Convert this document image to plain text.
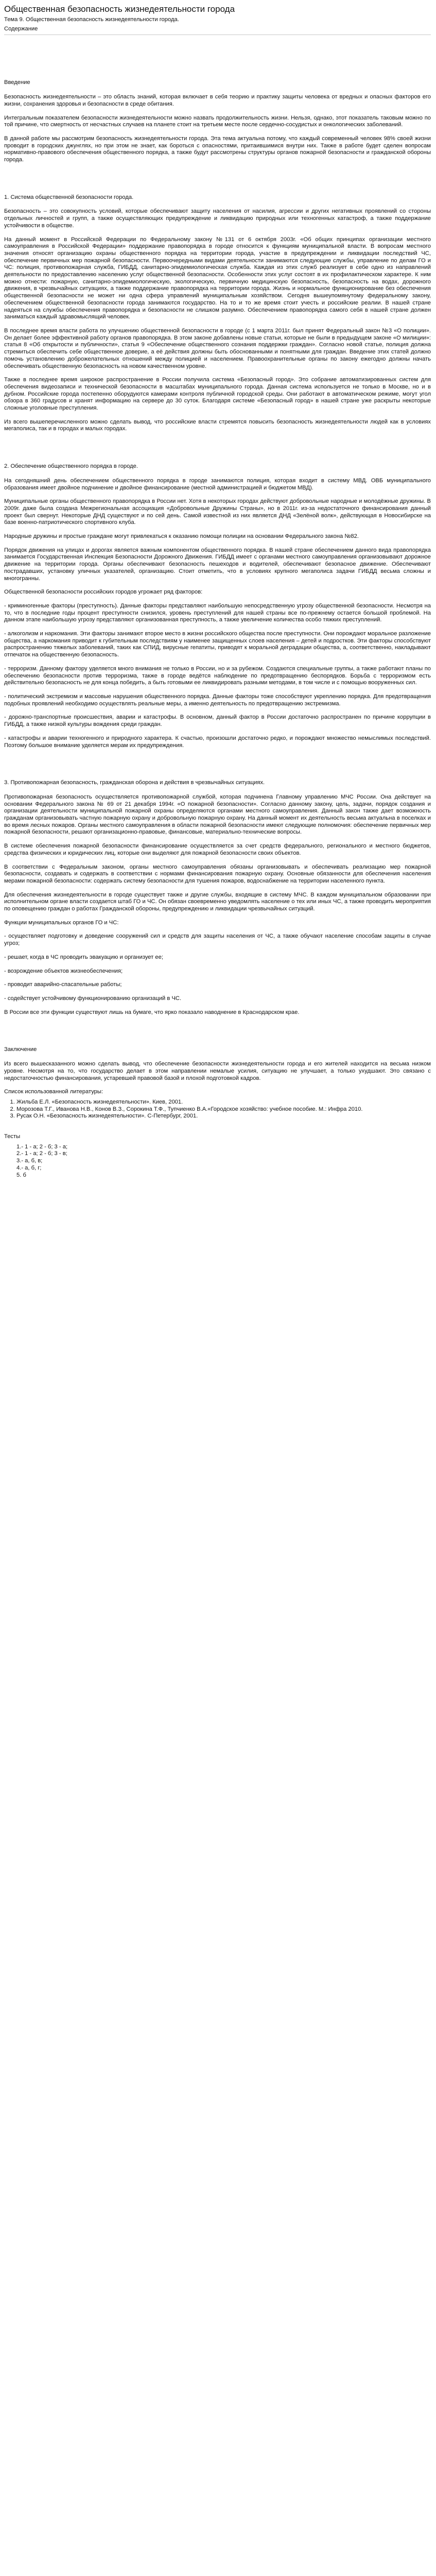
Общественная безопасность жизнедеятельности города
Тема 9. Общественная безопасность жизнедеятельности города.
Содержание
Введение
Безопасность жизнедеятельности – это область знаний, которая включает в себя теорию и практику защиты человека от вредных и опасных факторов его жизни, сохранения здоровья и безопасности в среде обитания.
Интегральным показателем безопасности жизнедеятельности можно назвать продолжительность жизни. Нельзя, однако, этот показатель таковым можно по той причине, что смертность от несчастных случаев на планете стоит на третьем месте после сердечно-сосудистых и онкологических заболеваний.
В данной работе мы рассмотрим безопасность жизнедеятельности города. Эта тема актуальна потому, что каждый современный человек 98% своей жизни проводит в городских джунглях, но при этом не знает, как бороться с опасностями, притаившимися внутри них. Также в работе будет сделен вопросам нормативно-правового обеспечения общественного порядка, а также будут рассмотрены структуры органов пожарной безопасности и гражданской обороны города.
1. Система общественной безопасности города.
Безопасность – это совокупность условий, которые обеспечивают защиту населения от насилия, агрессии и других негативных проявлений со стороны отдельных личностей и групп, а также осуществляющих предупреждение и ликвидацию природных или техногенных катастроф, а также поддержание устойчивости в обществе.
На данный момент в Российской Федерации по Федеральному закону №131 от 6 октября 2003г. «Об общих принципах организации местного самоуправления в Российской Федерации» поддержание правопорядка в городе относится к функциям муниципальной власти. В вопросам местного значения относят организацию охраны общественного порядка на территории города, участие в предупреждении и ликвидации последствий ЧС, обеспечение первичных мер пожарной безопасности. Первоочередными видами деятельности занимаются следующие службы, управление по делам ГО и ЧС: полиция, противопожарная служба, ГИБДД, санитарно-эпидемиологическая служба. Каждая из этих служб реализует в себе одно из направлений деятельности по предоставлению населению услуг общественной безопасности. Особенности этих услуг состоят в их профилактическом характере. К ним можно отнести: пожарную, санитарно-эпидемиологическую, экологическую, первичную медицинскую безопасность, безопасность на водах, дорожного движения, в чрезвычайных ситуациях, а также поддержание правопорядка на территории города. Жизнь и нормальное функционирование без обеспечения общественной безопасности не может ни одна сфера управлений муниципальным хозяйством. Сегодня вышеупомянутому федеральному закону, обеспечением общественной безопасности города занимаются государство. На то и то же время стоит учесть и российские реалии. В нашей стране надеяться на службы обеспечения правопорядка и безопасности не слишком разумно. Обеспечением правопорядка самого себя в нашей стране должен заниматься каждый здравомыслящий человек.
В последнее время власти работа по улучшению общественной безопасности в городе (с 1 марта 2011г. был принят Федеральный закон №3 «О полиции». Он делает более эффективной работу органов правопорядка. В этом законе добавлены новые статьи, которые не были в предыдущем законе «О милиции»: статья 8 «Об открытости и публичности», статья 9 «Обеспечение общественного сознания поддержки граждан». Согласно новой статье, полиция должна стремиться обеспечить себе общественное доверие, а её действия должны быть обоснованными и понятными для граждан. Введение этих статей должно помочь установлению доброжелательных отношений между полицией и населением. Правоохранительные органы по закону ежегодно должны начать обеспечивать общественную безопасность на новом качественном уровне.
Также в последнее время широкое распространение в России получила система «Безопасный город». Это собрание автоматизированных систем для обеспечения видеозаписи и технической безопасности в масштабах муниципального города. Данная система используется не только в Москве, но и в дубном. Российские города постепенно оборудуются камерами контроля публичной городской среды. Они работают в автоматическом режиме, могут угол обзора в 360 градусов и хранят информацию на сервере до 30 суток. Благодаря системе «Безопасный город» в нашей стране уже раскрыты некоторые сложные уголовные преступления.
Из всего вышеперечисленного можно сделать вывод, что российские власти стремятся повысить безопасность жизнедеятельности людей как в условиях мегаполиса, так и в городах и малых городах.
2. Обеспечение общественного порядка в городе.
На сегодняшний день обеспечением общественного порядка в городе занимаются полиция, которая входит в систему МВД. ОВБ муниципального образования имеет двойное подчинение и двойное финансирование (местной администрацией и бюджетом МВД).
Муниципальные органы общественного правопорядка в России нет. Хотя в некоторых городах действуют добровольные народные и молодёжные дружины. В 2009г. даже была создана Межрегиональная ассоциация «Добровольные Дружины Страны», но в 2011г. из-за недостаточного финансирования данный проект был свернут. Некоторые ДНД существуют и по сей день. Самой известной из них является ДНД «Зелёной волк», действующая в Новосибирске на базе военно-патриотического спортивного клуба.
Народные дружины и простые граждане могут привлекаться к оказанию помощи полиции на основании Федерального закона №82.
Порядок движения на улицах и дорогах является важным компонентом общественного порядка. В нашей стране обеспечением данного вида правопорядка занимается Государственная Инспекция Безопасности Дорожного Движения. ГИБДД имеет с органами местного самоуправления организовывают дорожное движение на территории города. Органы обеспечивают безопасность пешеходов и водителей, обеспечивают безопасное движение. Обеспечивают пострадавших, установку уличных указателей, организацию. Стоит отметить, что в условиях крупного мегаполиса задачи ГИБДД весьма сложны и многогранны.
Общественной безопасности российских городов угрожает ряд факторов:
- криминогенные факторы (преступность). Данные факторы представляют наибольшую непосредственную угрозу общественной безопасности. Несмотря на то, что в последние годы процент преступности снизился, уровень преступлений для нашей страны все по-прежнему остается большой проблемой. На данном этапе наибольшую угрозу представляют организованная преступность, а также увеличение количества особо тяжких преступлений.
- алкоголизм и наркомания. Эти факторы занимают второе место в жизни российского общества после преступности. Они порождают моральное разложение общества, а наркомания приводит к губительным последствиям у наименее защищенных слоев населения – детей и подростков. Эти факторы способствуют распространению тяжелых заболеваний, таких как СПИД, вирусные гепатиты, приводят к моральной деградации общества, а, соответственно, накладывают отпечаток на общественную безопасность.
- терроризм. Данному фактору уделяется много внимания не только в России, но и за рубежом. Создаются специальные группы, а также работают планы по обеспечению безопасности против терроризма, также в городе ведётся наблюдение по предотвращению беспорядков. Борьба с терроризмом есть действительно безопасность не для конца победить, а быть готовыми ее ликвидировать разными методами, в том числе и с помощью вооруженных сил.
- политический экстремизм и массовые нарушения общественного порядка. Данные факторы тоже способствуют укреплению порядка. Для предотвращения подобных проявлений необходимо осуществлять реальные меры, а именно деятельность по предотвращению экстремизма.
- дорожно-транспортные происшествия, аварии и катастрофы. В основном, данный фактор в России достаточно распространен по причине коррупции в ГИБДД, а также низкой культуры вождения среди граждан.
- катастрофы и аварии техногенного и природного характера. К счастью, произошли достаточно редко, и порождают множество немыслимых последствий. Поэтому большое внимание уделяется мерам их предупреждения.
3. Противопожарная безопасность, гражданская оборона и действия в чрезвычайных ситуациях.
Противопожарная безопасность осуществляется противопожарной службой, которая подчинена Главному управлению МЧС России. Она действует на основании Федерального закона № 69 от 21 декабря 1994г. «О пожарной безопасности». Согласно данному закону, цель, задачи, порядок создания и организации деятельности муниципальной пожарной охраны определяются органами местного самоуправления. Данный закон также дает возможность гражданам организовывать частную пожарную охрану и добровольную пожарную охрану. На данный момент их деятельность весьма актуальна в поселках и во время лесных пожаров. Органы местного самоуправления в области пожарной безопасности имеют следующие полномочия: обеспечение первичных мер пожарной безопасности, решают организационно-правовые, финансовые, материально-технические вопросы.
В системе обеспечения пожарной безопасности финансирование осуществляется за счет средств федерального, регионального и местного бюджетов, средства физических и юридических лиц, которые они выделяют для пожарной безопасности своих объектов.
В соответствии с Федеральным законом, органы местного самоуправления обязаны организовывать и обеспечивать реализацию мер пожарной безопасности, создавать и содержать в соответствии с нормами финансирования пожарную охрану. Основные обязанности для обеспечения населения мерами пожарной безопасности: содержать систему безопасности для тушения пожаров, водоснабжение на территории населенного пункта.
Для обеспечения жизнедеятельности в городе существует также и другие службы, входящие в систему МЧС. В каждом муниципальном образовании при исполнительном органе власти создается штаб ГО и ЧС. Он обязан своевременно уведомлять население о тех или иных ЧС, а также проводить мероприятия по оповещению граждан о работах Гражданской обороны, предупреждению и ликвидации чрезвычайных ситуаций.
Функции муниципальных органов ГО и ЧС:
- осуществляет подготовку и доведение сооружений сил и средств для защиты населения от ЧС, а также обучают население способам защиты в случае угроз;
- решает, когда в ЧС проводить эвакуацию и организует ее;
- возрождение объектов жизнеобеспечения;
- проводит аварийно-спасательные работы;
- содействует устойчивому функционированию организаций в ЧС.
В России все эти функции существуют лишь на бумаге, что ярко показало наводнение в Краснодарском крае.
Заключение
Из всего вышесказанного можно сделать вывод, что обеспечение безопасности жизнедеятельности города и его жителей находится на весьма низком уровне. Несмотря на то, что государство делает в этом направлении немалые усилия, ситуацию не улучшает, а только ухудшают. Это связано с недостаточностью финансирования, устаревшей правовой базой и плохой подготовкой кадров.
Список использованной литературы:
1. Жильба Е.Л. «Безопасность жизнедеятельности». Киев, 2001.
2. Морозова Т.Г., Иванова Н.В., Конов В.З., Сорокина Т.Ф., Тупчиенко В.А.«Городское хозяйство: учебное пособие. М.: Инфра 2010.
3. Русак О.Н. «Безопасность жизнедеятельности». С-Петербург, 2001.
Тесты
1.- 1 - а; 2 - б; 3 - а;
2.- 1 - а; 2 - б; 3 - в;
3.- а, б, в;
4.- а, б, г;
5. б
